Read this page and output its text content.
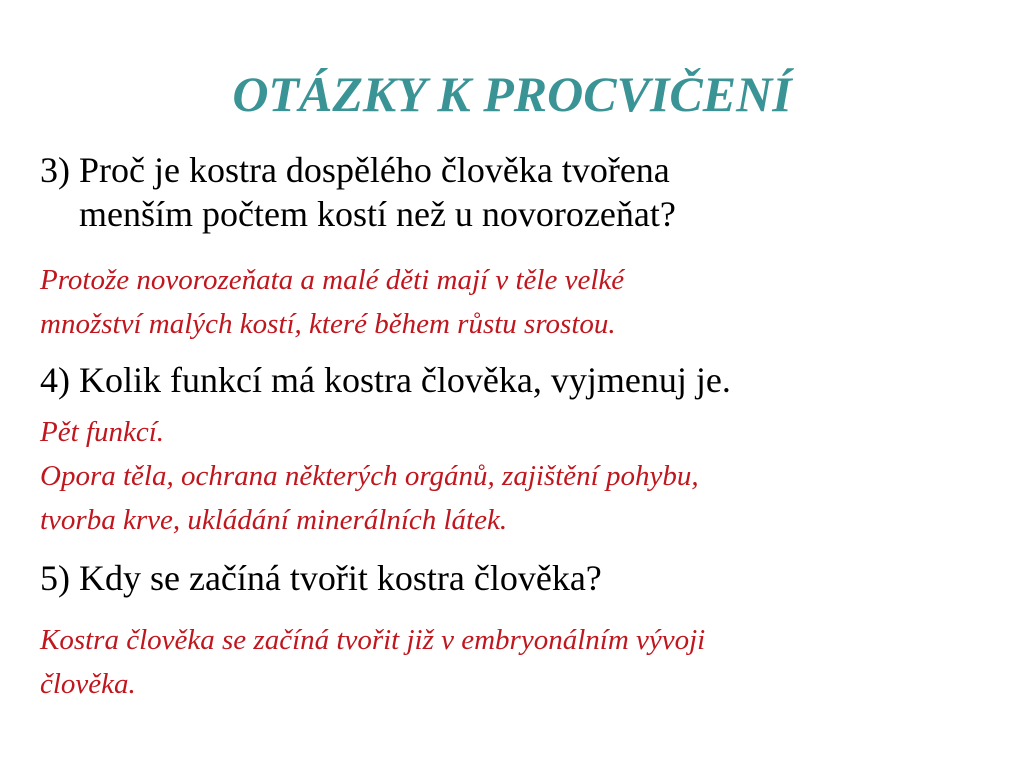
OTÁZKY K PROCVIČENÍ
3) Proč je kostra dospělého člověka tvořena
menším počtem kostí než u novorozeňat?
Protože novorozeňata a malé děti mají v těle velké
množství malých kostí, které během růstu srostou.
4) Kolik funkcí má kostra člověka, vyjmenuj je.
Pět funkcí.
Opora těla, ochrana některých orgánů, zajištění pohybu,
tvorba krve, ukládání minerálních látek.
5) Kdy se začíná tvořit kostra člověka?
Kostra člověka se začíná tvořit již v embryonálním vývoji
člověka.
